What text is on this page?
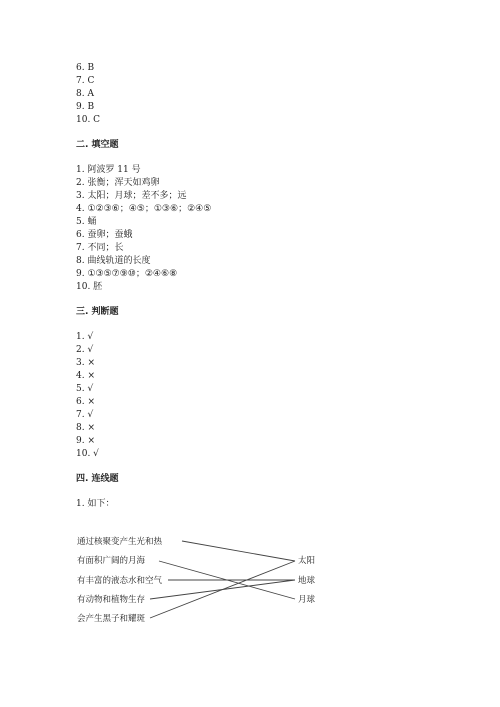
6. B
7. C
8. A
9. B
10. C
二. 填空题
1. 阿波罗 11 号
2. 张衡；浑天如鸡卵
3. 太阳；月球；差不多；远
4. ①②③⑥；④⑤；①③⑥；②④⑤
5. 蛹
6. 蚕卵；蚕蛾
7. 不同；长
8. 曲线轨道的长度
9. ①③⑤⑦⑨⑩；②④⑥⑧
10. 胚
三. 判断题
1. √
2. √
3. ×
4. ×
5. √
6. ×
7. √
8. ×
9. ×
10. √
四. 连线题
1. 如下：
通过核聚变产生光和热
有面积广阔的月海
有丰富的液态水和空气
有动物和植物生存
会产生黑子和耀斑
太阳
地球
月球
